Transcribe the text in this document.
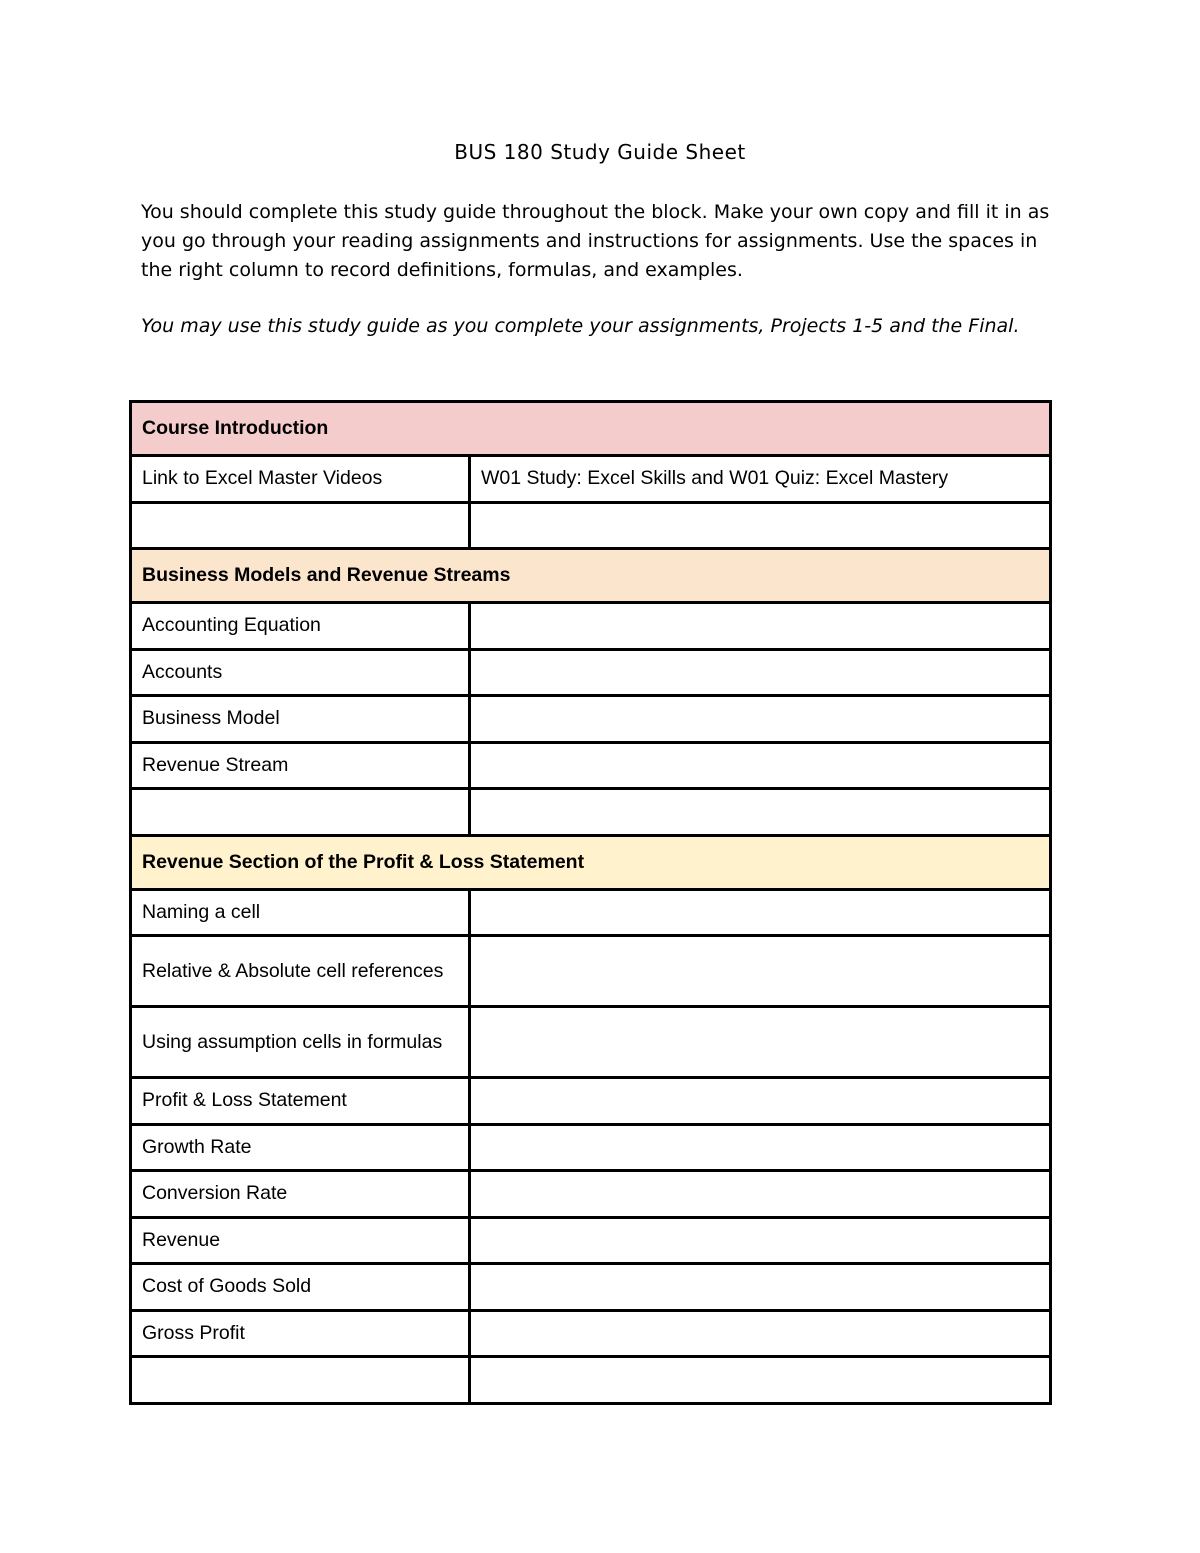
BUS 180 Study Guide Sheet

You should complete this study guide throughout the block. Make your own copy and fill it in as you go through your reading assignments and instructions for assignments. Use the spaces in the right column to record definitions, formulas, and examples.

You may use this study guide as you complete your assignments, Projects 1-5 and the Final.

Course Introduction	
Link to Excel Master Videos	W01 Study: Excel Skills and W01 Quiz: Excel Mastery

Business Models and Revenue Streams	
Accounting Equation	
Accounts	
Business Model	
Revenue Stream	

Revenue Section of the Profit & Loss Statement	
Naming a cell	
Relative & Absolute cell references	
Using assumption cells in formulas	
Profit & Loss Statement	
Growth Rate	
Conversion Rate	
Revenue	
Cost of Goods Sold	
Gross Profit	
